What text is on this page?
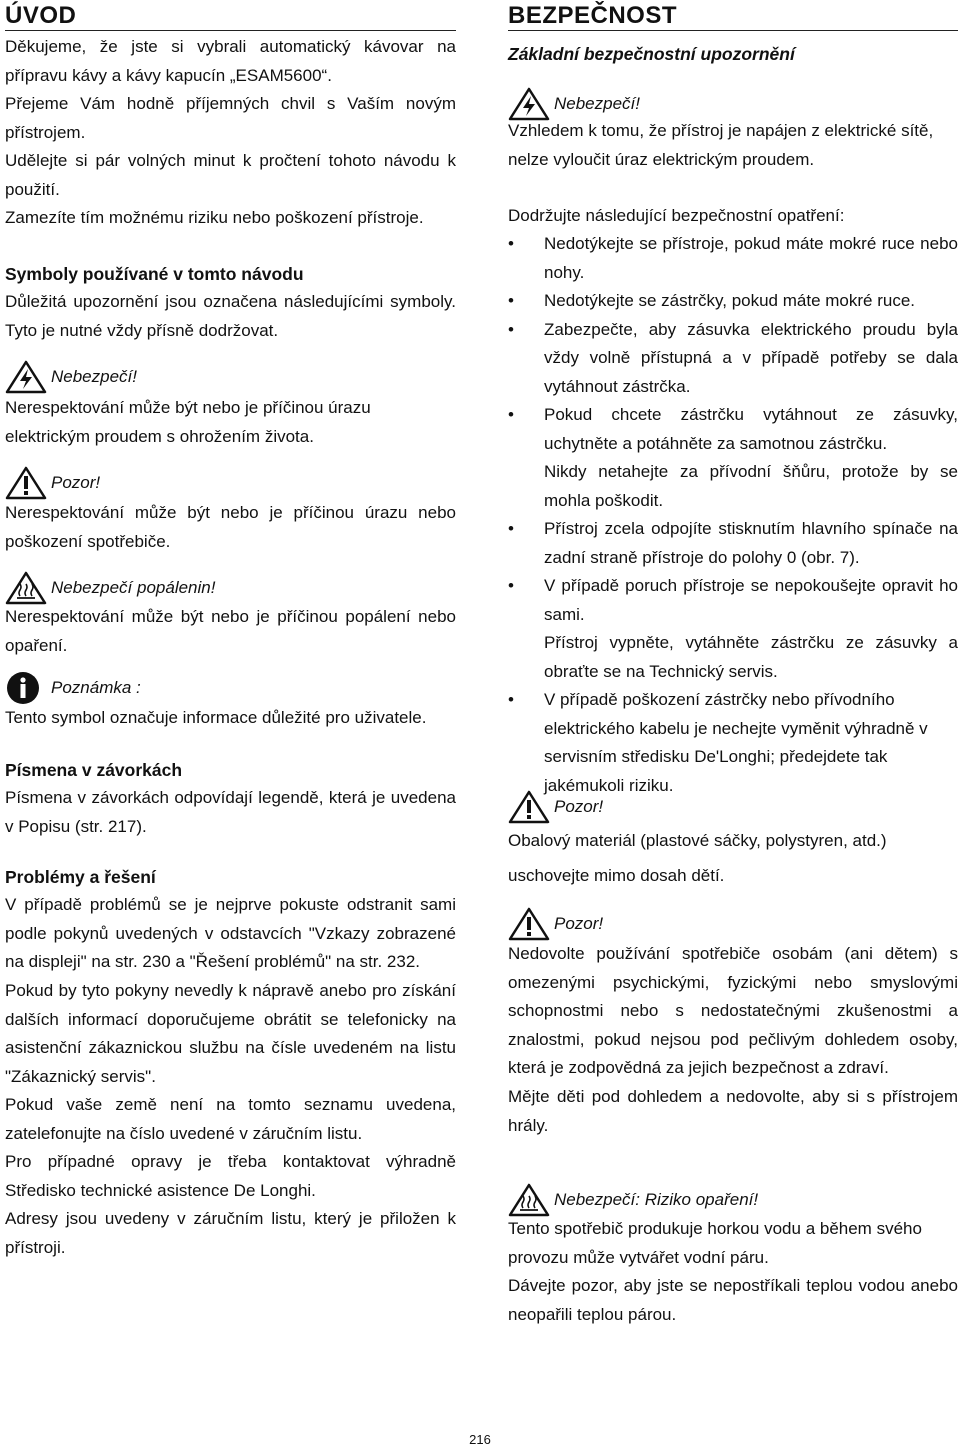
ÚVOD
Děkujeme, že jste si vybrali automatický kávovar na přípravu kávy a kávy kapucín „ESAM5600“.
Přejeme Vám hodně příjemných chvil s Vaším novým přístrojem.
Udělejte si pár volných minut k pročtení tohoto návodu k použití.
Zamezíte tím možnému riziku nebo poškození přístroje.
Symboly používané v tomto návodu
Důležitá upozornění jsou označena následujícími symboly. Tyto je nutné vždy přísně dodržovat.
Nebezpečí!
Nerespektování může být nebo je příčinou úrazu elektrickým proudem s ohrožením života.
Pozor!
Nerespektování může být nebo je příčinou úrazu nebo poškození spotřebiče.
Nebezpečí popálenin!
Nerespektování může být nebo je příčinou popálení nebo opaření.
Poznámka :
Tento symbol označuje informace důležité pro uživatele.
Písmena v závorkách
Písmena v závorkách odpovídají legendě, která je uvedena v Popisu (str. 217).
Problémy a řešení
V případě problémů se je nejprve pokuste odstranit sami podle pokynů uvedených v odstavcích "Vzkazy zobrazené na displeji" na str. 230 a "Řešení problémů" na str. 232.
Pokud by tyto pokyny nevedly k nápravě anebo pro získání dalších informací doporučujeme obrátit se telefonicky na asistenční zákaznickou službu na čísle uvedeném na listu "Zákaznický servis".
Pokud vaše země není na tomto seznamu uvedena, zatelefonujte na číslo uvedené v záručním listu.
Pro případné opravy je třeba kontaktovat výhradně Středisko technické asistence De Longhi.
Adresy jsou uvedeny v záručním listu, který je přiložen k přístroji.
BEZPEČNOST
Základní bezpečnostní upozornění
Nebezpečí!
Vzhledem k tomu, že přístroj je napájen z elektrické sítě, nelze vyloučit úraz elektrickým proudem.
Dodržujte následující bezpečnostní opatření:
• Nedotýkejte se přístroje, pokud máte mokré ruce nebo nohy.
• Nedotýkejte se zástrčky, pokud máte mokré ruce.
• Zabezpečte, aby zásuvka elektrického proudu byla vždy volně přístupná a v případě potřeby se dala vytáhnout zástrčka.
• Pokud chcete zástrčku vytáhnout ze zásuvky, uchytněte a potáhněte za samotnou zástrčku.
Nikdy netahejte za přívodní šňůru, protože by se mohla poškodit.
• Přístroj zcela odpojíte stisknutím hlavního spínače na zadní straně přístroje do polohy 0 (obr. 7).
• V případě poruch přístroje se nepokoušejte opravit ho sami.
Přístroj vypněte, vytáhněte zástrčku ze zásuvky a obraťte se na Technický servis.
• V případě poškození zástrčky nebo přívodního elektrického kabelu je nechejte vyměnit výhradně v servisním středisku De'Longhi; předejdete tak jakémukoli riziku.
Pozor!
Obalový materiál (plastové sáčky, polystyren, atd.) uschovejte mimo dosah dětí.
Pozor!
Nedovolte používání spotřebiče osobám (ani dětem) s omezenými psychickými, fyzickými nebo smyslovými schopnostmi nebo s nedostatečnými zkušenostmi a znalostmi, pokud nejsou pod pečlivým dohledem osoby, která je zodpovědná za jejich bezpečnost a zdraví.
Mějte děti pod dohledem a nedovolte, aby si s přístrojem hrály.
Nebezpečí: Riziko opaření!
Tento spotřebič produkuje horkou vodu a během svého provozu může vytvářet vodní páru.
Dávejte pozor, aby jste se nepostříkali teplou vodou anebo neopařili teplou párou.
216
